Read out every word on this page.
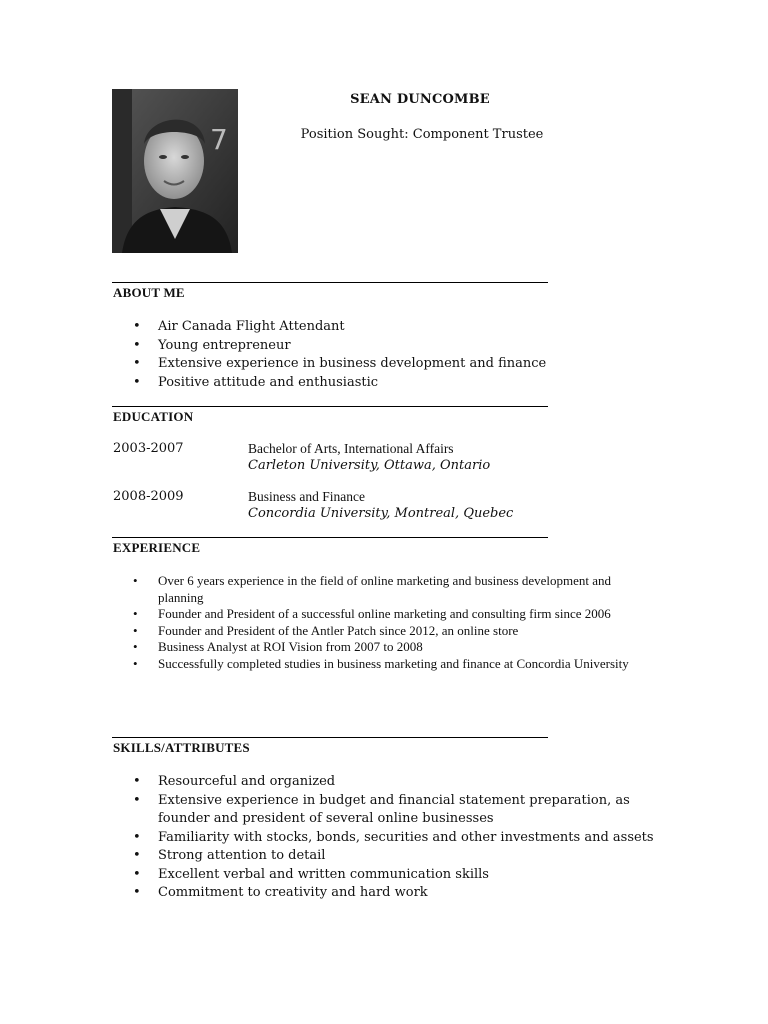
7
SEAN DUNCOMBE
Position Sought: Component Trustee
ABOUT ME
• Air Canada Flight Attendant
• Young entrepreneur
• Extensive experience in business development and finance
• Positive attitude and enthusiastic
EDUCATION
2003-2007	Bachelor of Arts, International Affairs
Carleton University, Ottawa, Ontario
2008-2009	Business and Finance
Concordia University, Montreal, Quebec
EXPERIENCE
• Over 6 years experience in the field of online marketing and business development and planning
• Founder and President of a successful online marketing and consulting firm since 2006
• Founder and President of the Antler Patch since 2012, an online store
• Business Analyst at ROI Vision from 2007 to 2008
• Successfully completed studies in business marketing and finance at Concordia University
SKILLS/ATTRIBUTES
• Resourceful and organized
• Extensive experience in budget and financial statement preparation, as founder and president of several online businesses
• Familiarity with stocks, bonds, securities and other investments and assets
• Strong attention to detail
• Excellent verbal and written communication skills
• Commitment to creativity and hard work
